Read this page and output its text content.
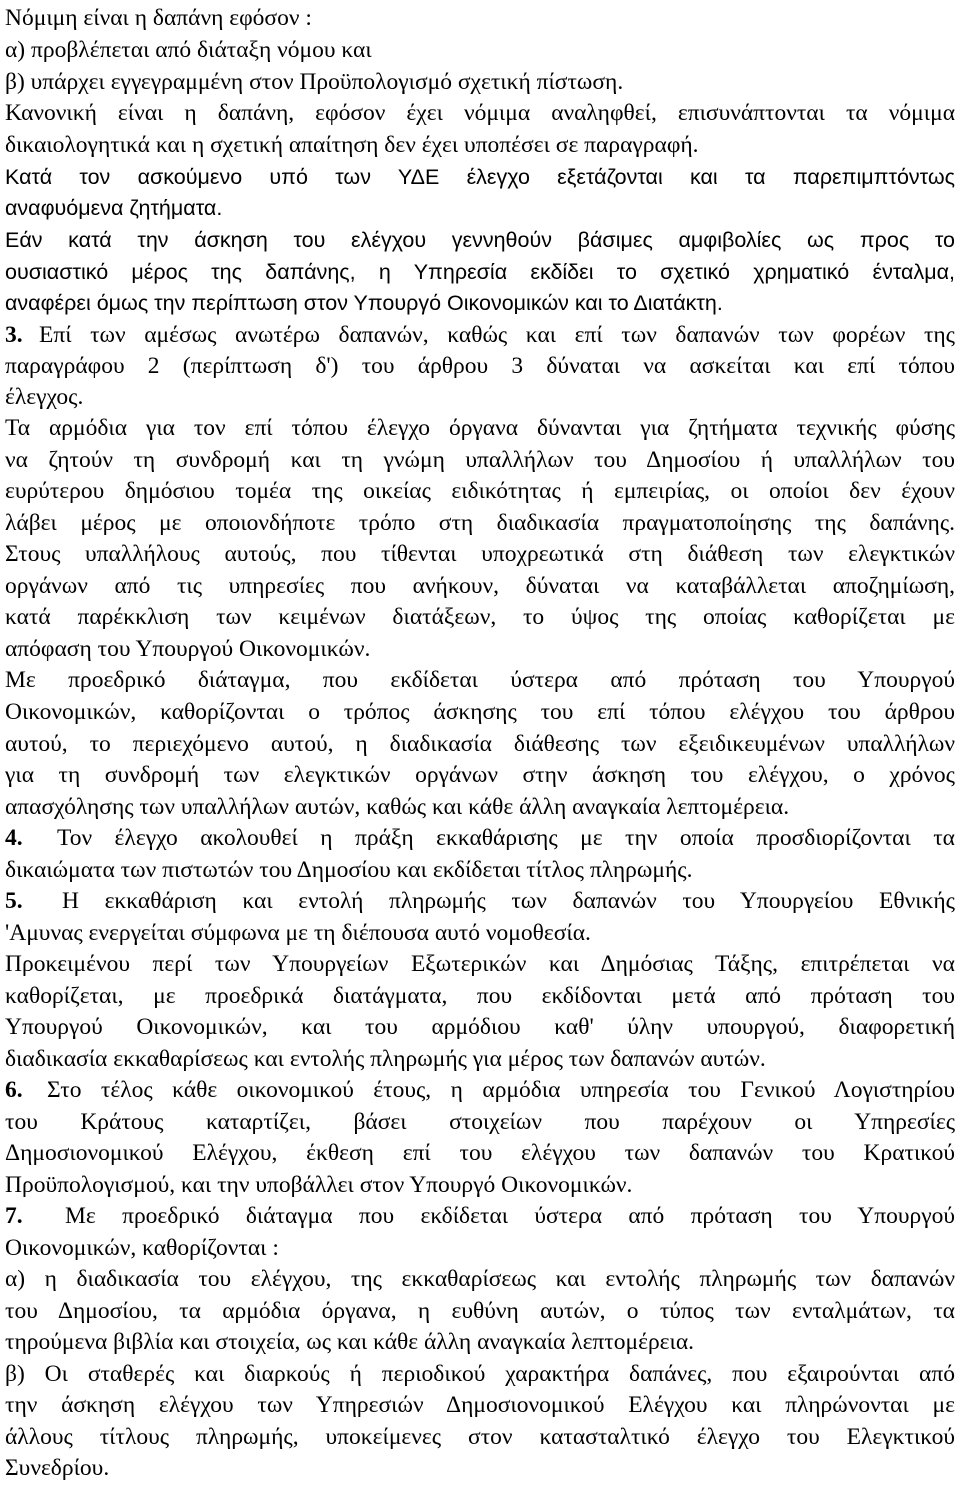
Νόμιμη είναι η δαπάνη εφόσον :
α) προβλέπεται από διάταξη νόμου και
β) υπάρχει εγγεγραμμένη στον Προϋπολογισμό σχετική πίστωση.
Κανονική είναι η δαπάνη, εφόσον έχει νόμιμα αναληφθεί, επισυνάπτονται τα νόμιμα
δικαιολογητικά και η σχετική απαίτηση δεν έχει υποπέσει σε παραγραφή.
Κατά τον ασκούμενο υπό των ΥΔΕ έλεγχο εξετάζονται και τα παρεπιμπτόντως
αναφυόμενα ζητήματα.
Εάν κατά την άσκηση του ελέγχου γεννηθούν βάσιμες αμφιβολίες ως προς το
ουσιαστικό μέρος της δαπάνης, η Υπηρεσία εκδίδει το σχετικό χρηματικό ένταλμα,
αναφέρει όμως την περίπτωση στον Υπουργό Οικονομικών και το Διατάκτη.
3. Επί των αμέσως ανωτέρω δαπανών, καθώς και επί των δαπανών των φορέων της
παραγράφου 2 (περίπτωση δ') του άρθρου 3 δύναται να ασκείται και επί τόπου
έλεγχος.
Τα αρμόδια για τον επί τόπου έλεγχο όργανα δύνανται για ζητήματα τεχνικής φύσης
να ζητούν τη συνδρομή και τη γνώμη υπαλλήλων του Δημοσίου ή υπαλλήλων του
ευρύτερου δημόσιου τομέα της οικείας ειδικότητας ή εμπειρίας, οι οποίοι δεν έχουν
λάβει μέρος με οποιονδήποτε τρόπο στη διαδικασία πραγματοποίησης της δαπάνης.
Στους υπαλλήλους αυτούς, που τίθενται υποχρεωτικά στη διάθεση των ελεγκτικών
οργάνων από τις υπηρεσίες που ανήκουν, δύναται να καταβάλλεται αποζημίωση,
κατά παρέκκλιση των κειμένων διατάξεων, το ύψος της οποίας καθορίζεται με
απόφαση του Υπουργού Οικονομικών.
Με προεδρικό διάταγμα, που εκδίδεται ύστερα από πρόταση του Υπουργού
Οικονομικών, καθορίζονται ο τρόπος άσκησης του επί τόπου ελέγχου του άρθρου
αυτού, το περιεχόμενο αυτού, η διαδικασία διάθεσης των εξειδικευμένων υπαλλήλων
για τη συνδρομή των ελεγκτικών οργάνων στην άσκηση του ελέγχου, ο χρόνος
απασχόλησης των υπαλλήλων αυτών, καθώς και κάθε άλλη αναγκαία λεπτομέρεια.
4.	Τον έλεγχο ακολουθεί η πράξη εκκαθάρισης με την οποία προσδιορίζονται τα
δικαιώματα των πιστωτών του Δημοσίου και εκδίδεται τίτλος πληρωμής.
5.	Η εκκαθάριση και εντολή πληρωμής των δαπανών του Υπουργείου Εθνικής
'Αμυνας ενεργείται σύμφωνα με τη διέπουσα αυτό νομοθεσία.
Προκειμένου περί των Υπουργείων Εξωτερικών και Δημόσιας Τάξης, επιτρέπεται να
καθορίζεται, με προεδρικά διατάγματα, που εκδίδονται μετά από πρόταση του
Υπουργού Οικονομικών, και του αρμόδιου καθ' ύλην υπουργού, διαφορετική
διαδικασία εκκαθαρίσεως και εντολής πληρωμής για μέρος των δαπανών αυτών.
6.	Στο τέλος κάθε οικονομικού έτους, η αρμόδια υπηρεσία του Γενικού Λογιστηρίου
του Κράτους καταρτίζει, βάσει στοιχείων που παρέχουν οι Υπηρεσίες
Δημοσιονομικού Ελέγχου, έκθεση επί του ελέγχου των δαπανών του Κρατικού
Προϋπολογισμού, και την υποβάλλει στον Υπουργό Οικονομικών.
7.	Με προεδρικό διάταγμα που εκδίδεται ύστερα από πρόταση του Υπουργού
Οικονομικών, καθορίζονται :
α) η διαδικασία του ελέγχου, της εκκαθαρίσεως και εντολής πληρωμής των δαπανών
του Δημοσίου, τα αρμόδια όργανα, η ευθύνη αυτών, ο τύπος των ενταλμάτων, τα
τηρούμενα βιβλία και στοιχεία, ως και κάθε άλλη αναγκαία λεπτομέρεια.
β) Οι σταθερές και διαρκούς ή περιοδικού χαρακτήρα δαπάνες, που εξαιρούνται από
την άσκηση ελέγχου των Υπηρεσιών Δημοσιονομικού Ελέγχου και πληρώνονται με
άλλους τίτλους πληρωμής, υποκείμενες στον κατασταλτικό έλεγχο του Ελεγκτικού
Συνεδρίου.
